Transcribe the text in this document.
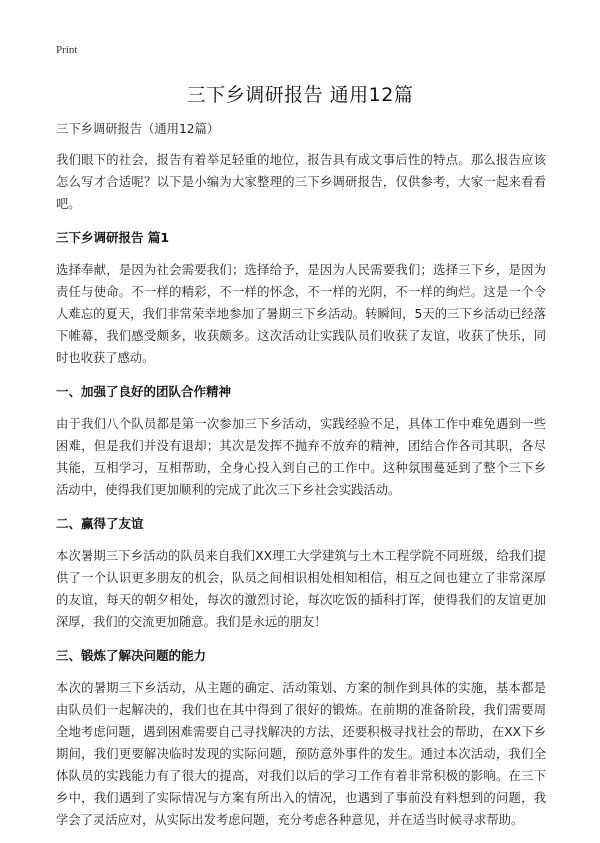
Print
三下乡调研报告 通用12篇

三下乡调研报告（通用12篇）

我们眼下的社会，报告有着举足轻重的地位，报告具有成文事后性的特点。那么报告应该怎么写才合适呢？以下是小编为大家整理的三下乡调研报告，仅供参考，大家一起来看看吧。

三下乡调研报告 篇1

选择奉献，是因为社会需要我们；选择给予，是因为人民需要我们；选择三下乡，是因为责任与使命。不一样的精彩，不一样的怀念，不一样的光阴，不一样的绚烂。这是一个令人难忘的夏天，我们非常荣幸地参加了暑期三下乡活动。转瞬间，5天的三下乡活动已经落下帷幕，我们感受颇多，收获颇多。这次活动让实践队员们收获了友谊，收获了快乐，同时也收获了感动。

一、加强了良好的团队合作精神

由于我们八个队员都是第一次参加三下乡活动，实践经验不足，具体工作中难免遇到一些困难，但是我们并没有退却；其次是发挥不抛弃不放弃的精神，团结合作各司其职，各尽其能，互相学习，互相帮助，全身心投入到自己的工作中。这种氛围蔓延到了整个三下乡活动中，使得我们更加顺利的完成了此次三下乡社会实践活动。

二、赢得了友谊

本次暑期三下乡活动的队员来自我们XX理工大学建筑与土木工程学院不同班级，给我们提供了一个认识更多朋友的机会，队员之间相识相处相知相信，相互之间也建立了非常深厚的友谊，每天的朝夕相处，每次的激烈讨论，每次吃饭的插科打诨，使得我们的友谊更加深厚，我们的交流更加随意。我们是永远的朋友！

三、锻炼了解决问题的能力

本次的暑期三下乡活动，从主题的确定、活动策划、方案的制作到具体的实施，基本都是由队员们一起解决的，我们也在其中得到了很好的锻炼。在前期的准备阶段，我们需要周全地考虑问题，遇到困难需要自己寻找解决的方法，还要积极寻找社会的帮助，在XX下乡期间，我们更要解决临时发现的实际问题，预防意外事件的发生。通过本次活动，我们全体队员的实践能力有了很大的提高，对我们以后的学习工作有着非常积极的影响。在三下乡中，我们遇到了实际情况与方案有所出入的情况，也遇到了事前没有料想到的问题，我学会了灵活应对，从实际出发考虑问题，充分考虑各种意见，并在适当时候寻求帮助。
